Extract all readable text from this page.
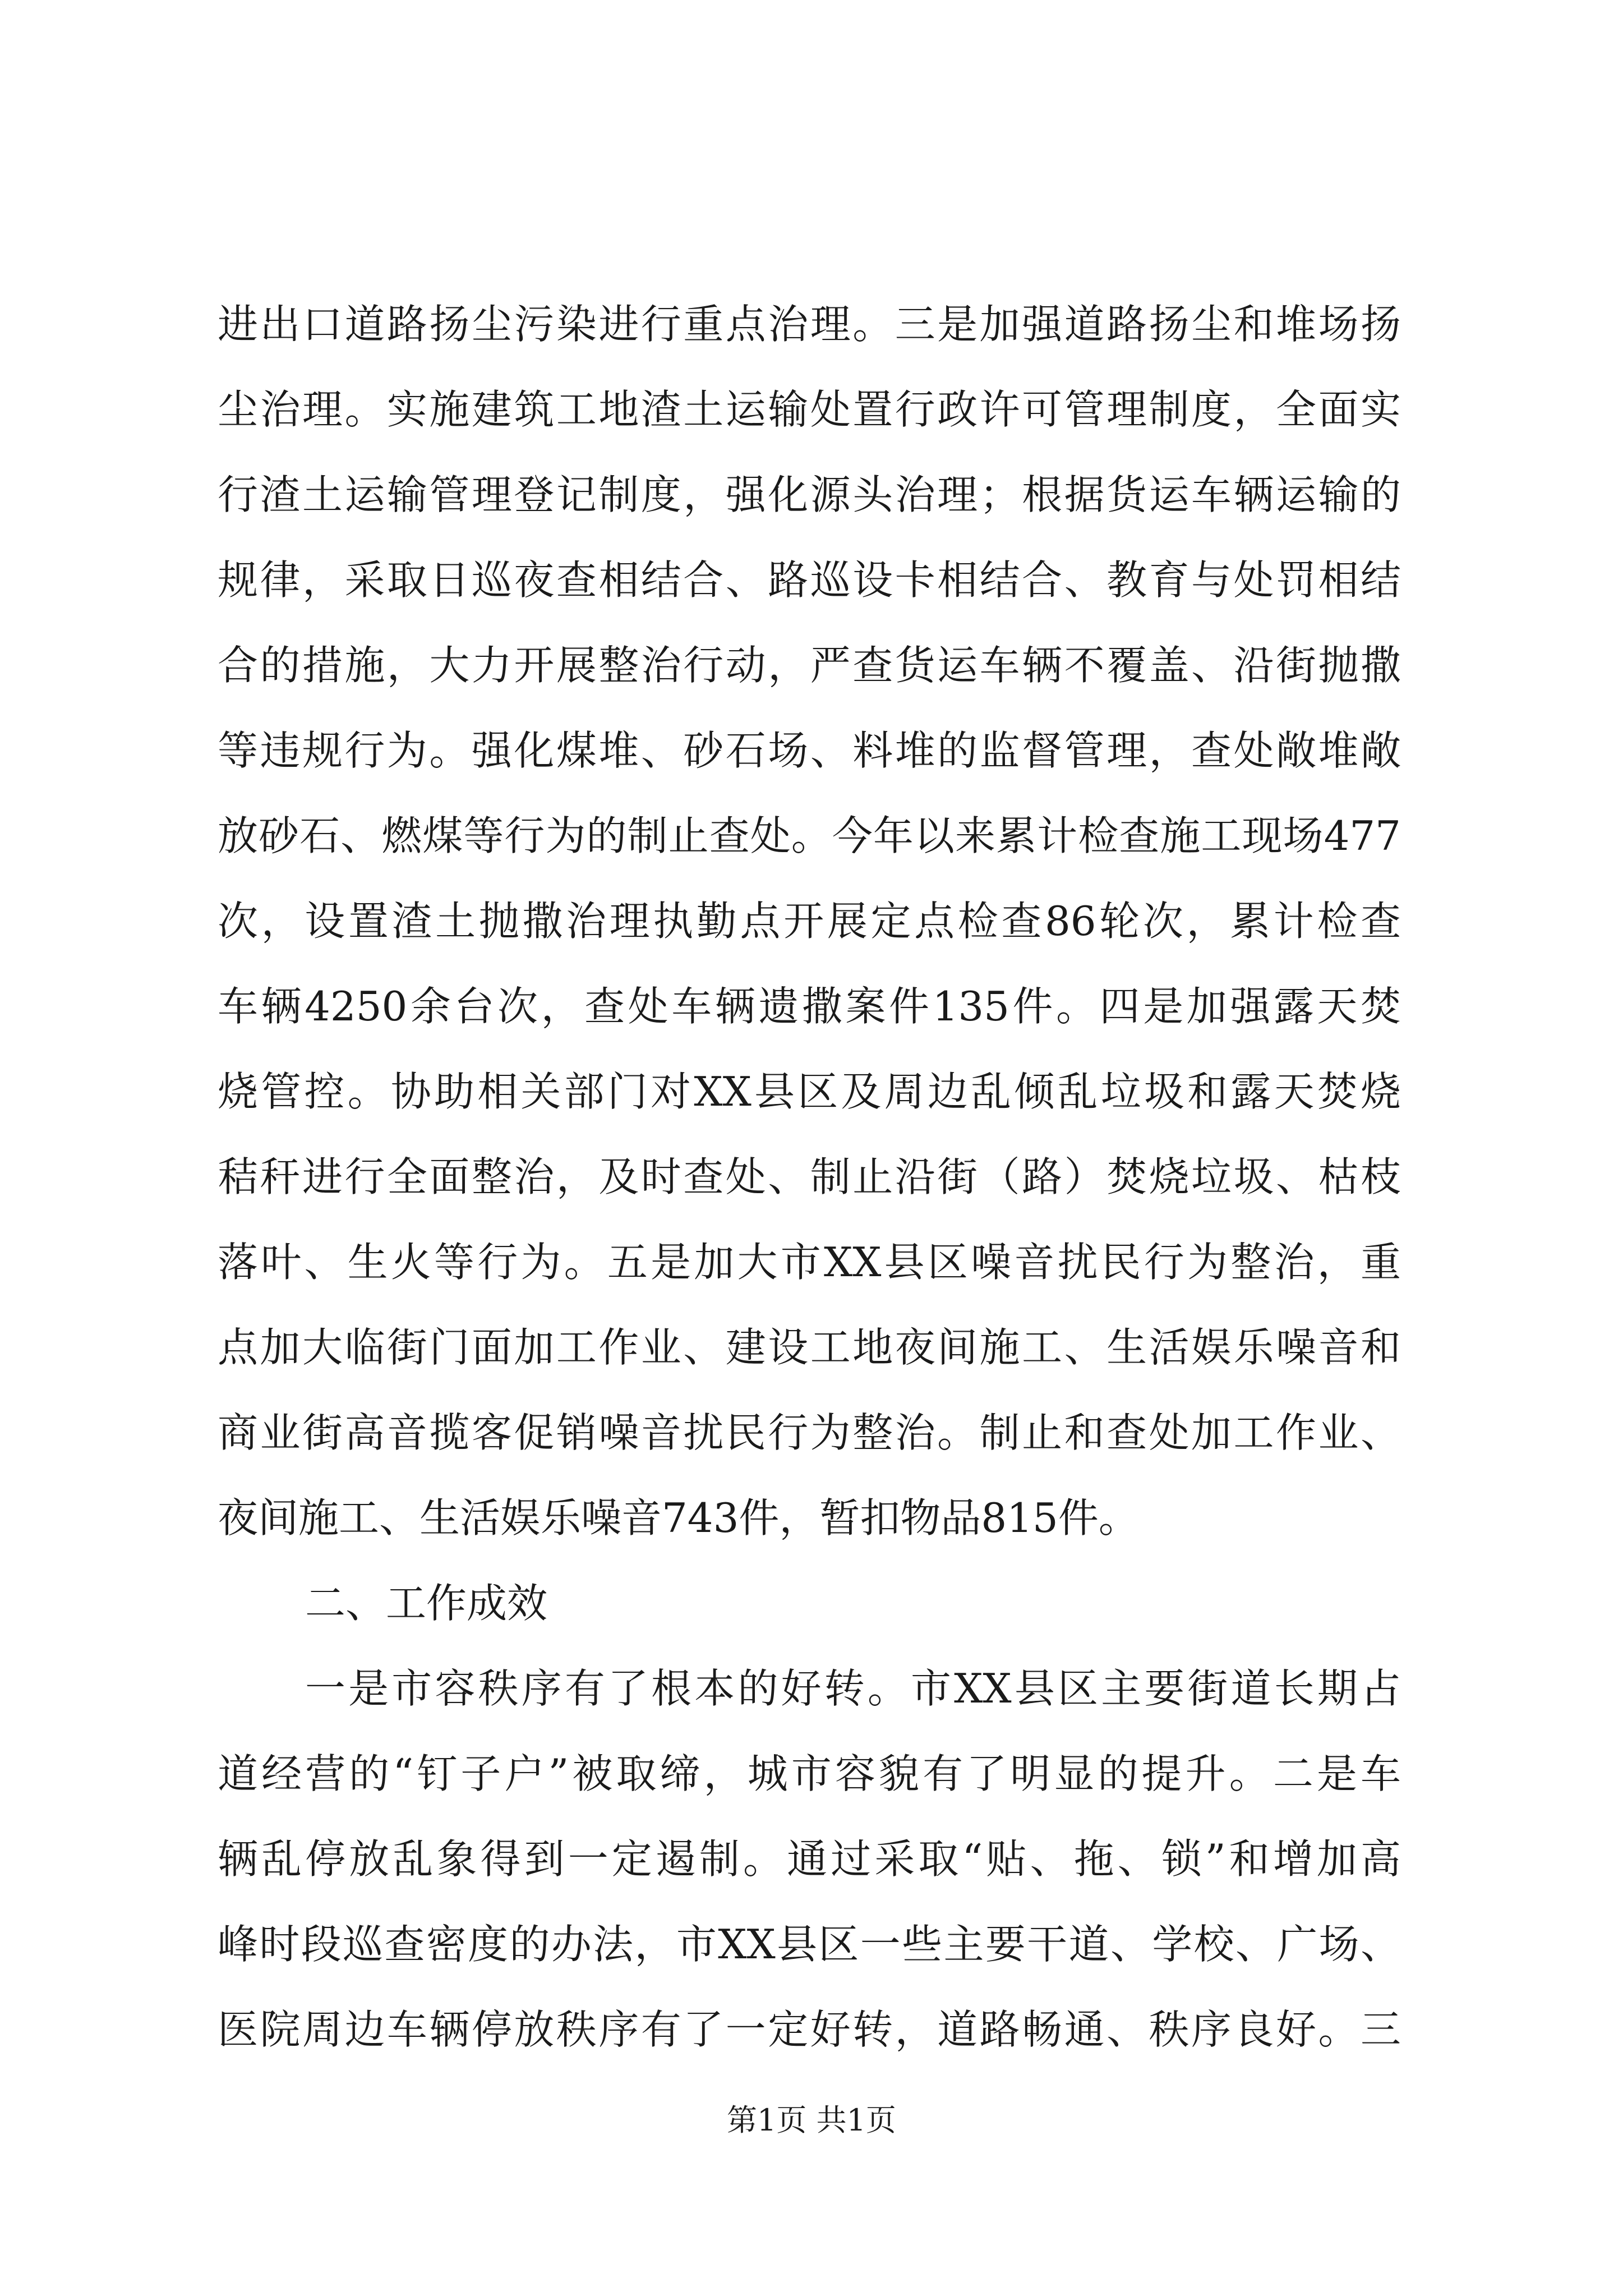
进出口道路扬尘污染进行重点治理。三是加强道路扬尘和堆场扬
尘治理。实施建筑工地渣土运输处置行政许可管理制度，全面实
行渣土运输管理登记制度，强化源头治理；根据货运车辆运输的
规律，采取日巡夜查相结合、路巡设卡相结合、教育与处罚相结
合的措施，大力开展整治行动，严查货运车辆不覆盖、沿街抛撒
等违规行为。强化煤堆、砂石场、料堆的监督管理，查处敞堆敞
放砂石、燃煤等行为的制止查处。今年以来累计检查施工现场477
次，设置渣土抛撒治理执勤点开展定点检查86轮次，累计检查
车辆4250余台次，查处车辆遗撒案件135件。四是加强露天焚
烧管控。协助相关部门对XX县区及周边乱倾乱垃圾和露天焚烧
秸秆进行全面整治，及时查处、制止沿街（路）焚烧垃圾、枯枝
落叶、生火等行为。五是加大市XX县区噪音扰民行为整治，重
点加大临街门面加工作业、建设工地夜间施工、生活娱乐噪音和
商业街高音揽客促销噪音扰民行为整治。制止和查处加工作业、
夜间施工、生活娱乐噪音743件，暂扣物品815件。
二、工作成效
一是市容秩序有了根本的好转。市XX县区主要街道长期占
道经营的“钉子户”被取缔，城市容貌有了明显的提升。二是车
辆乱停放乱象得到一定遏制。通过采取“贴、拖、锁”和增加高
峰时段巡查密度的办法，市XX县区一些主要干道、学校、广场、
医院周边车辆停放秩序有了一定好转，道路畅通、秩序良好。三
第1页 共1页
